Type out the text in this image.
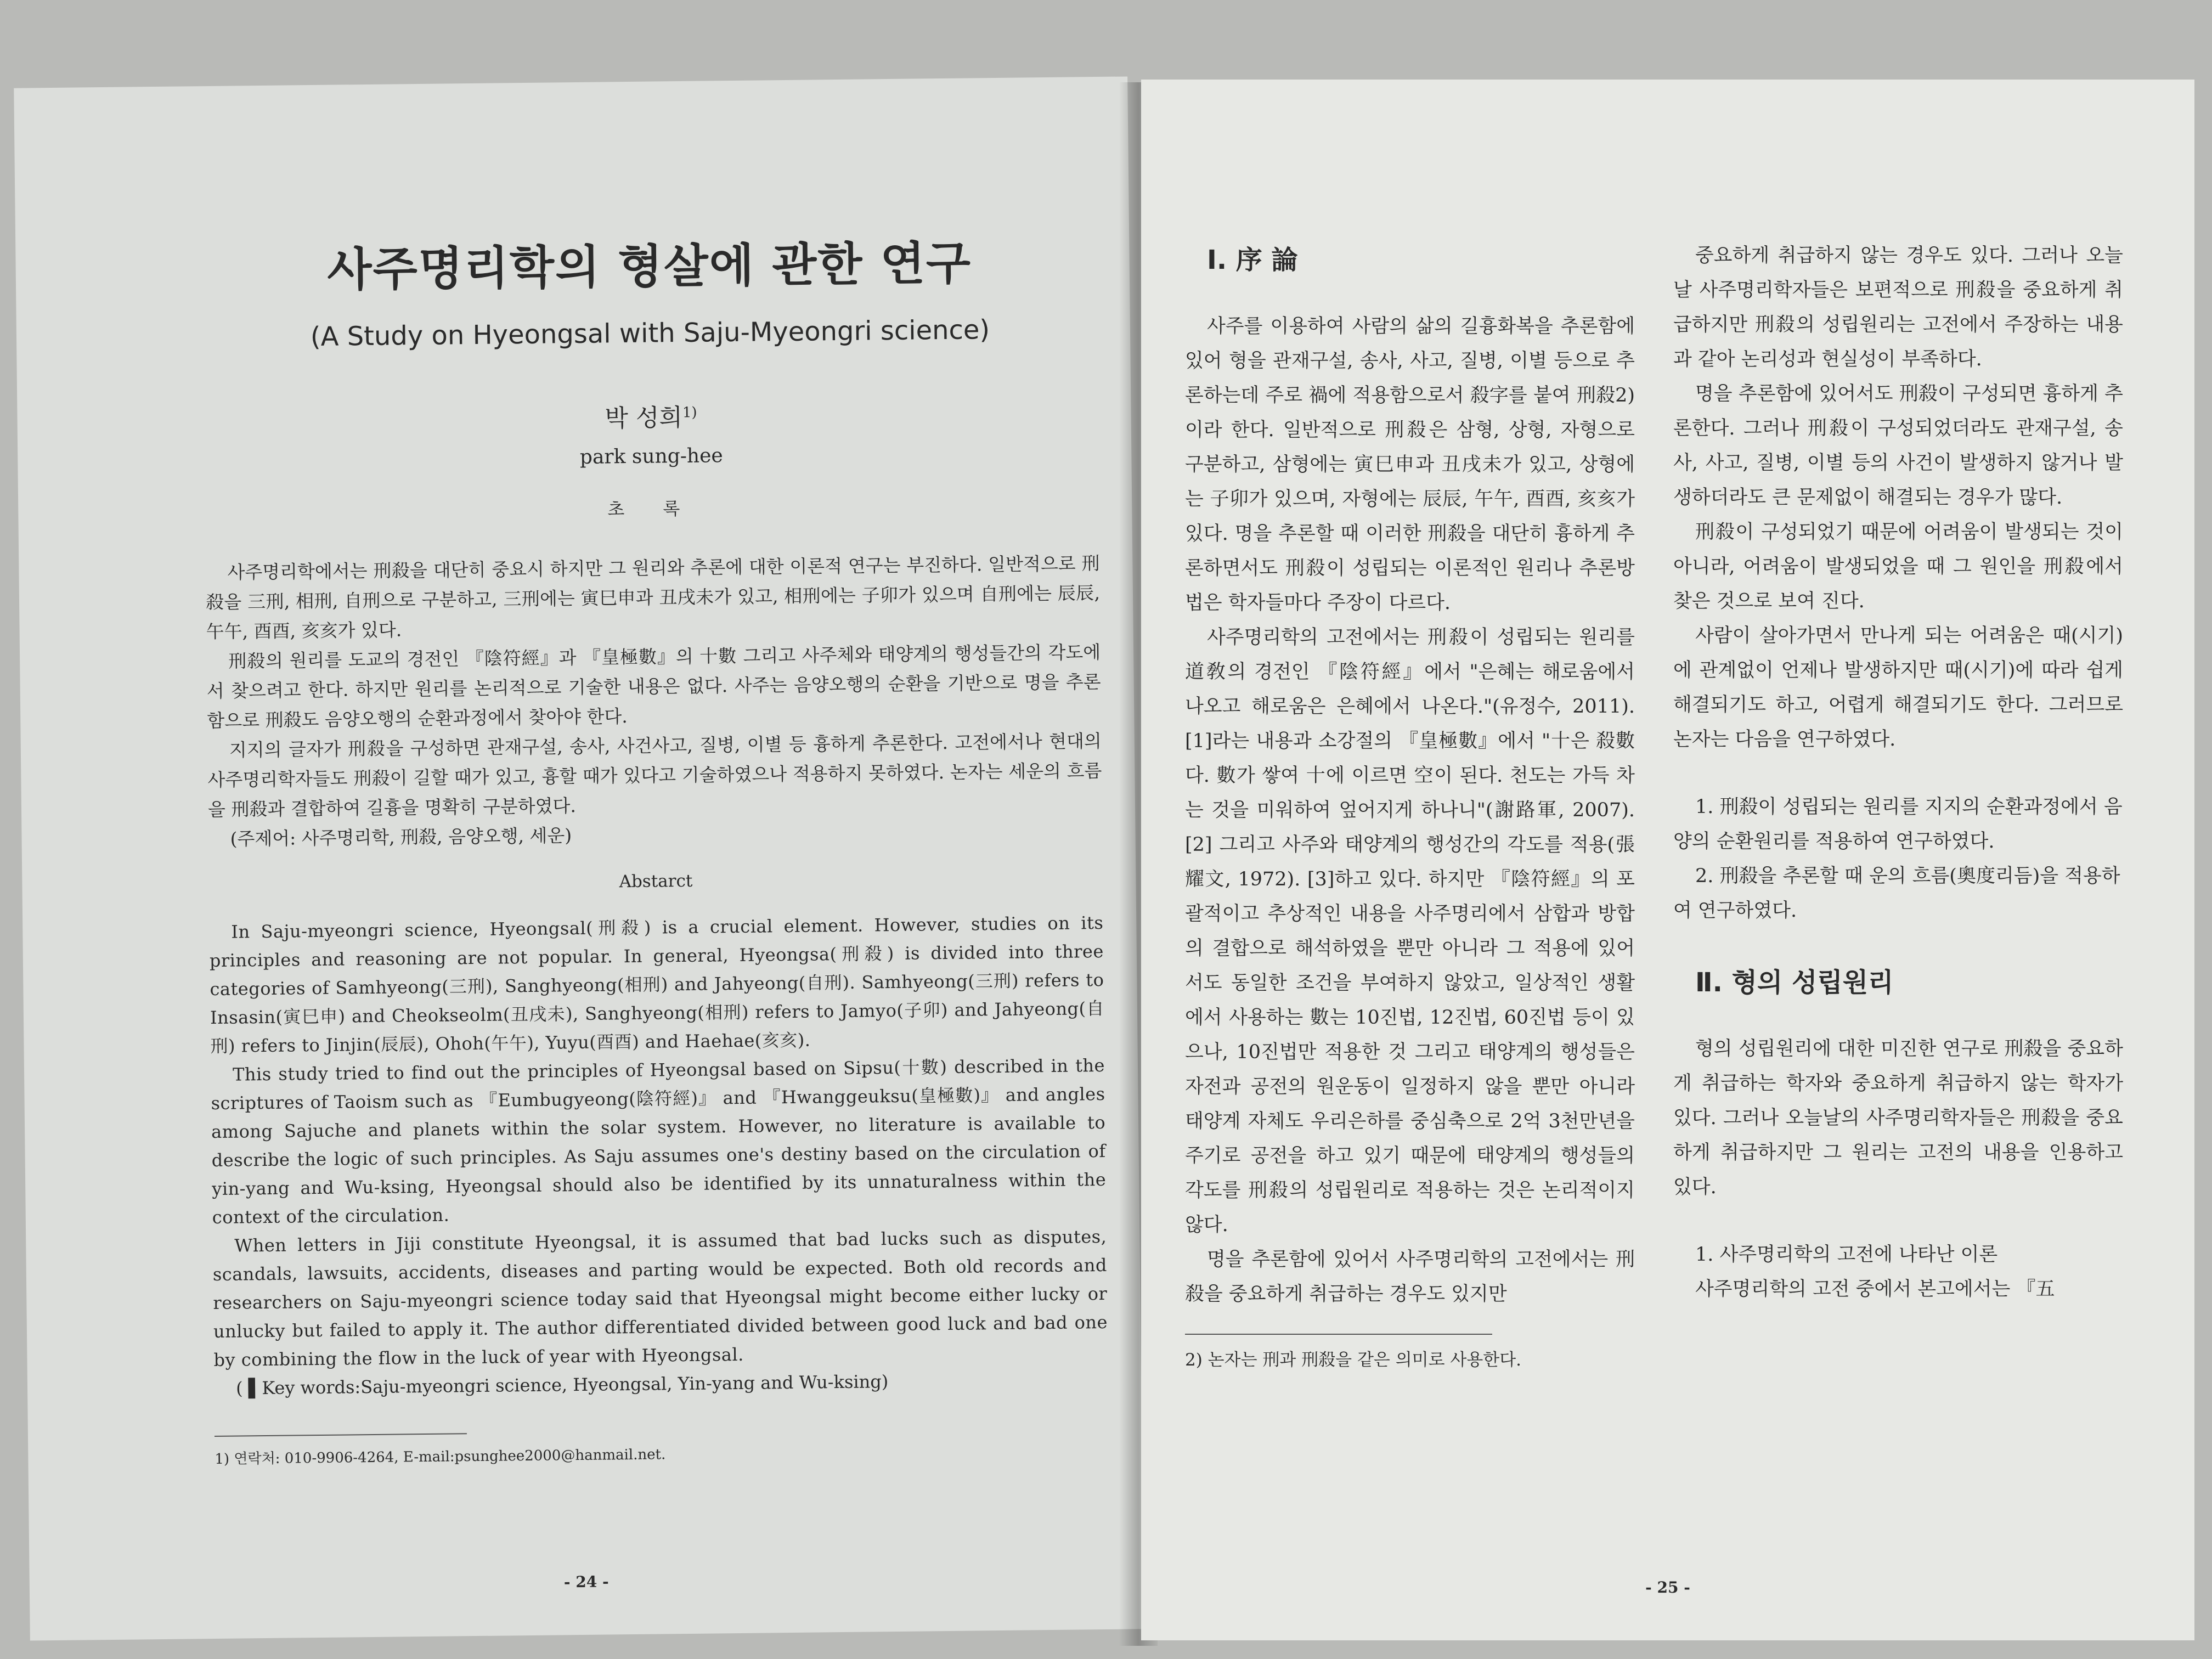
사주명리학의 형살에 관한 연구
(A Study on Hyeongsal with Saju-Myeongri science)
박 성희$^{1)}$
park sung-hee
초 록

사주명리학에서는 刑殺을 대단히 중요시 하지만 그 원리와 추론에 대한 이론적 연구는 부진하다. 일반적으로 刑殺을 三刑, 相刑, 自刑으로 구분하고, 三刑에는 寅巳申과 丑戌未가 있고, 相刑에는 子卯가 있으며 自刑에는 辰辰, 午午, 酉酉, 亥亥가 있다.

刑殺의 원리를 도교의 경전인 『陰符經』과 『皇極數』의 十數 그리고 사주체와 태양계의 행성들간의 각도에서 찾으려고 한다. 하지만 원리를 논리적으로 기술한 내용은 없다. 사주는 음양오행의 순환을 기반으로 명을 추론함으로 刑殺도 음양오행의 순환과정에서 찾아야 한다.

지지의 글자가 刑殺을 구성하면 관재구설, 송사, 사건사고, 질병, 이별 등 흉하게 추론한다. 고전에서나 현대의 사주명리학자들도 刑殺이 길할 때가 있고, 흉할 때가 있다고 기술하였으나 적용하지 못하였다. 논자는 세운의 흐름을 刑殺과 결합하여 길흉을 명확히 구분하였다.

(주제어: 사주명리학, 刑殺, 음양오행, 세운)
Abstarct

In Saju-myeongri science, Hyeongsal(刑殺) is a crucial element. However, studies on its principles and reasoning are not popular. In general, Hyeongsa(刑殺) is divided into three categories of Samhyeong(三刑), Sanghyeong(相刑) and Jahyeong(自刑). Samhyeong(三刑) refers to Insasin(寅巳申) and Cheokseolm(丑戌未), Sanghyeong(相刑) refers to Jamyo(子卯) and Jahyeong(自刑) refers to Jinjin(辰辰), Ohoh(午午), Yuyu(酉酉) and Haehae(亥亥).

This study tried to find out the principles of Hyeongsal based on Sipsu(十數) described in the scriptures of Taoism such as 『Eumbugyeong(陰符經)』 and 『Hwanggeuksu(皇極數)』 and angles among Sajuche and planets within the solar system. However, no literature is available to describe the logic of such principles. As Saju assumes one's destiny based on the circulation of yin-yang and Wu-ksing, Hyeongsal should also be identified by its unnaturalness within the context of the circulation.

When letters in Jiji constitute Hyeongsal, it is assumed that bad lucks such as disputes, scandals, lawsuits, accidents, diseases and parting would be expected. Both old records and researchers on Saju-myeongri science today said that Hyeongsal might become either lucky or unlucky but failed to apply it. The author differentiated divided between good luck and bad one by combining the flow in the luck of year with Hyeongsal.

( ▌Key words:Saju-myeongri science, Hyeongsal, Yin-yang and Wu-ksing)
1) 연락처: 010-9906-4264, E-mail:psunghee2000@hanmail.net.
- 24 -
Ⅰ. 序 論

사주를 이용하여 사람의 삶의 길흉화복을 추론함에 있어 형을 관재구설, 송사, 사고, 질병, 이별 등으로 추론하는데 주로 禍에 적용함으로서 殺字를 붙여 刑殺2)이라 한다. 일반적으로 刑殺은 삼형, 상형, 자형으로 구분하고, 삼형에는 寅巳申과 丑戌未가 있고, 상형에는 子卯가 있으며, 자형에는 辰辰, 午午, 酉酉, 亥亥가 있다. 명을 추론할 때 이러한 刑殺을 대단히 흉하게 추론하면서도 刑殺이 성립되는 이론적인 원리나 추론방법은 학자들마다 주장이 다르다.

사주명리학의 고전에서는 刑殺이 성립되는 원리를 道敎의 경전인 『陰符經』에서 "은혜는 해로움에서 나오고 해로움은 은혜에서 나온다."(유정수, 2011).[1]라는 내용과 소강절의 『皇極數』에서 "十은 殺數다. 數가 쌓여 十에 이르면 空이 된다. 천도는 가득 차는 것을 미워하여 엎어지게 하나니"(謝路軍, 2007).[2] 그리고 사주와 태양계의 행성간의 각도를 적용(張耀文, 1972). [3]하고 있다. 하지만 『陰符經』의 포괄적이고 추상적인 내용을 사주명리에서 삼합과 방합의 결합으로 해석하였을 뿐만 아니라 그 적용에 있어서도 동일한 조건을 부여하지 않았고, 일상적인 생활에서 사용하는 數는 10진법, 12진법, 60진법 등이 있으나, 10진법만 적용한 것 그리고 태양계의 행성들은 자전과 공전의 원운동이 일정하지 않을 뿐만 아니라 태양계 자체도 우리은하를 중심축으로 2억 3천만년을 주기로 공전을 하고 있기 때문에 태양계의 행성들의 각도를 刑殺의 성립원리로 적용하는 것은 논리적이지 않다.

명을 추론함에 있어서 사주명리학의 고전에서는 刑殺을 중요하게 취급하는 경우도 있지만

2) 논자는 刑과 刑殺을 같은 의미로 사용한다.

중요하게 취급하지 않는 경우도 있다. 그러나 오늘날 사주명리학자들은 보편적으로 刑殺을 중요하게 취급하지만 刑殺의 성립원리는 고전에서 주장하는 내용과 같아 논리성과 현실성이 부족하다.

명을 추론함에 있어서도 刑殺이 구성되면 흉하게 추론한다. 그러나 刑殺이 구성되었더라도 관재구설, 송사, 사고, 질병, 이별 등의 사건이 발생하지 않거나 발생하더라도 큰 문제없이 해결되는 경우가 많다.

刑殺이 구성되었기 때문에 어려움이 발생되는 것이 아니라, 어려움이 발생되었을 때 그 원인을 刑殺에서 찾은 것으로 보여 진다.

사람이 살아가면서 만나게 되는 어려움은 때(시기)에 관계없이 언제나 발생하지만 때(시기)에 따라 쉽게 해결되기도 하고, 어렵게 해결되기도 한다. 그러므로 논자는 다음을 연구하였다.

1. 刑殺이 성립되는 원리를 지지의 순환과정에서 음양의 순환원리를 적용하여 연구하였다.

2. 刑殺을 추론할 때 운의 흐름(奧度리듬)을 적용하여 연구하였다.

Ⅱ. 형의 성립원리

형의 성립원리에 대한 미진한 연구로 刑殺을 중요하게 취급하는 학자와 중요하게 취급하지 않는 학자가 있다. 그러나 오늘날의 사주명리학자들은 刑殺을 중요하게 취급하지만 그 원리는 고전의 내용을 인용하고 있다.

1. 사주명리학의 고전에 나타난 이론

사주명리학의 고전 중에서 본고에서는 『五

- 25 -
